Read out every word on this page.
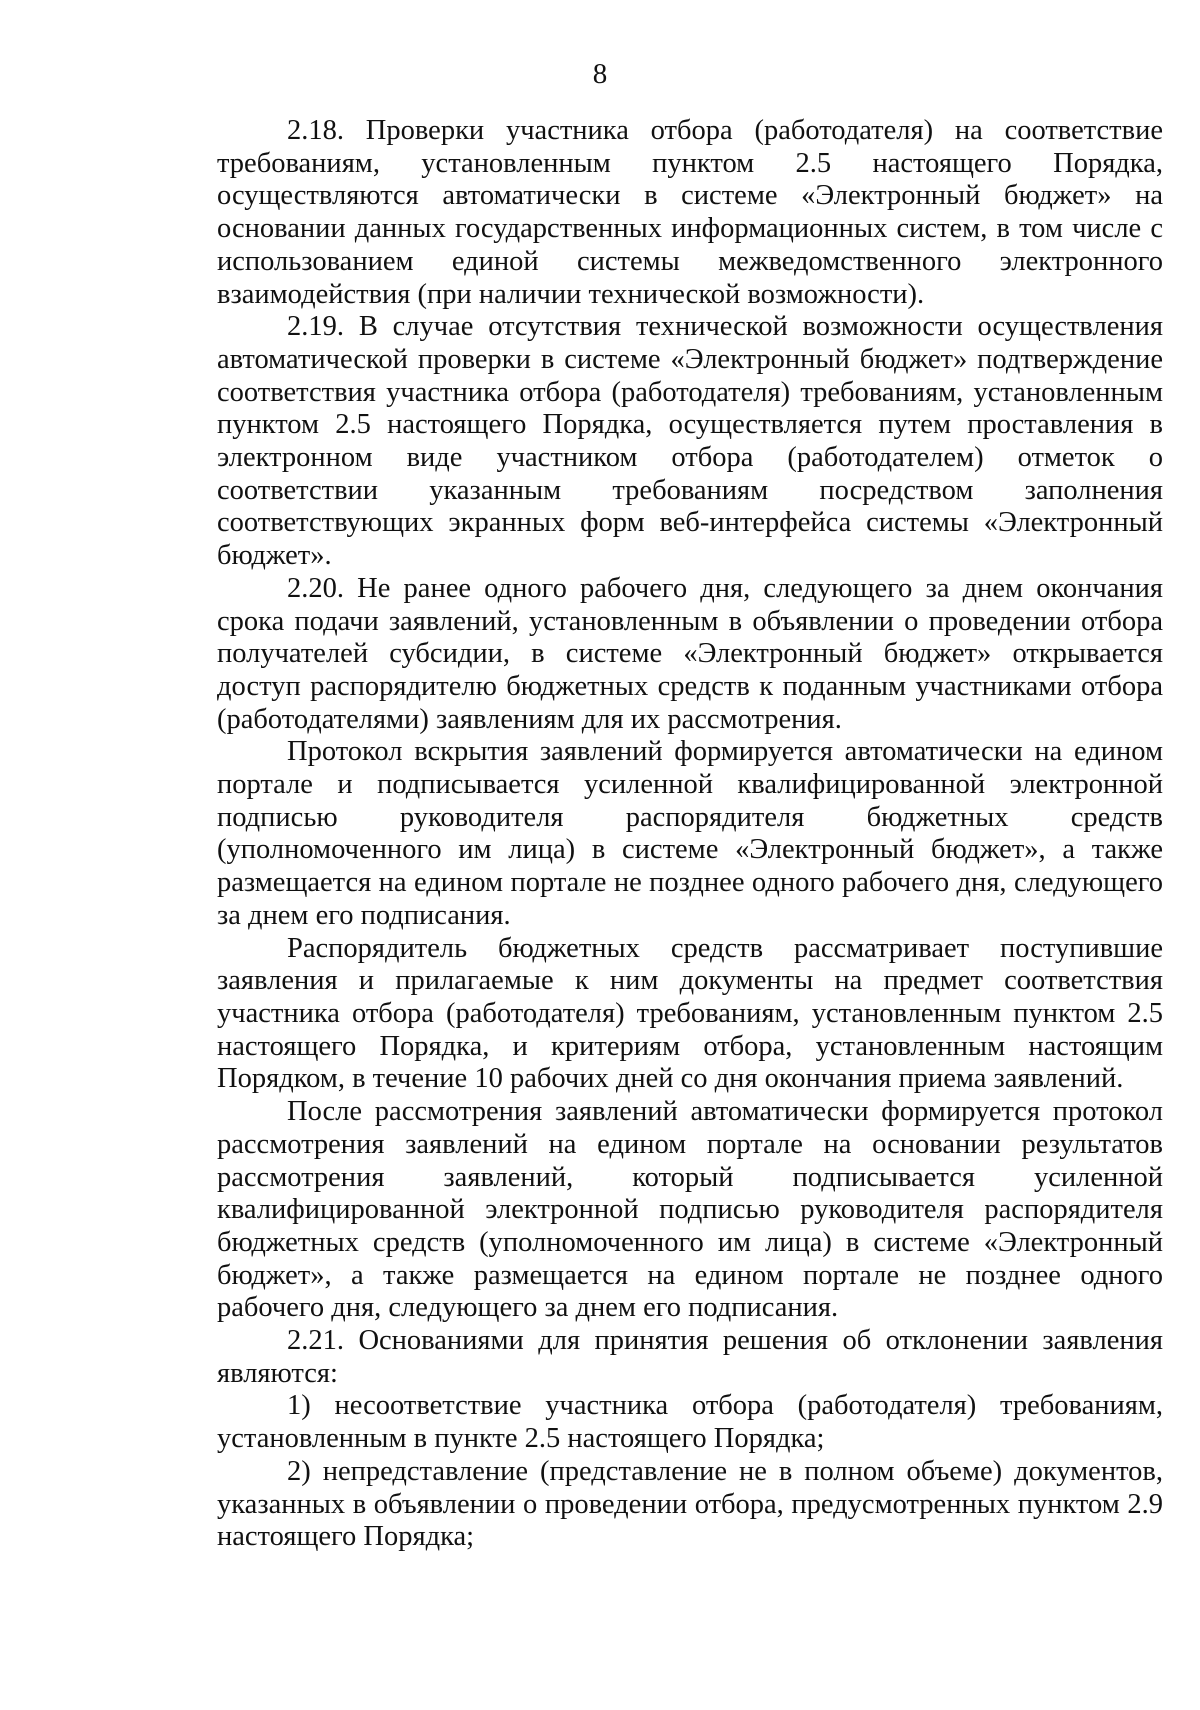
8

2.18. Проверки участника отбора (работодателя) на соответствие требованиям, установленным пунктом 2.5 настоящего Порядка, осуществляются автоматически в системе «Электронный бюджет» на основании данных государственных информационных систем, в том числе с использованием единой системы межведомственного электронного взаимодействия (при наличии технической возможности).

2.19. В случае отсутствия технической возможности осуществления автоматической проверки в системе «Электронный бюджет» подтверждение соответствия участника отбора (работодателя) требованиям, установленным пунктом 2.5 настоящего Порядка, осуществляется путем проставления в электронном виде участником отбора (работодателем) отметок о соответствии указанным требованиям посредством заполнения соответствующих экранных форм веб-интерфейса системы «Электронный бюджет».

2.20. Не ранее одного рабочего дня, следующего за днем окончания срока подачи заявлений, установленным в объявлении о проведении отбора получателей субсидии, в системе «Электронный бюджет» открывается доступ распорядителю бюджетных средств к поданным участниками отбора (работодателями) заявлениям для их рассмотрения.

Протокол вскрытия заявлений формируется автоматически на едином портале и подписывается усиленной квалифицированной электронной подписью руководителя распорядителя бюджетных средств (уполномоченного им лица) в системе «Электронный бюджет», а также размещается на едином портале не позднее одного рабочего дня, следующего за днем его подписания.

Распорядитель бюджетных средств рассматривает поступившие заявления и прилагаемые к ним документы на предмет соответствия участника отбора (работодателя) требованиям, установленным пунктом 2.5 настоящего Порядка, и критериям отбора, установленным настоящим Порядком, в течение 10 рабочих дней со дня окончания приема заявлений.

После рассмотрения заявлений автоматически формируется протокол рассмотрения заявлений на едином портале на основании результатов рассмотрения заявлений, который подписывается усиленной квалифицированной электронной подписью руководителя распорядителя бюджетных средств (уполномоченного им лица) в системе «Электронный бюджет», а также размещается на едином портале не позднее одного рабочего дня, следующего за днем его подписания.

2.21. Основаниями для принятия решения об отклонении заявления являются:

1) несоответствие участника отбора (работодателя) требованиям, установленным в пункте 2.5 настоящего Порядка;

2) непредставление (представление не в полном объеме) документов, указанных в объявлении о проведении отбора, предусмотренных пунктом 2.9 настоящего Порядка;
